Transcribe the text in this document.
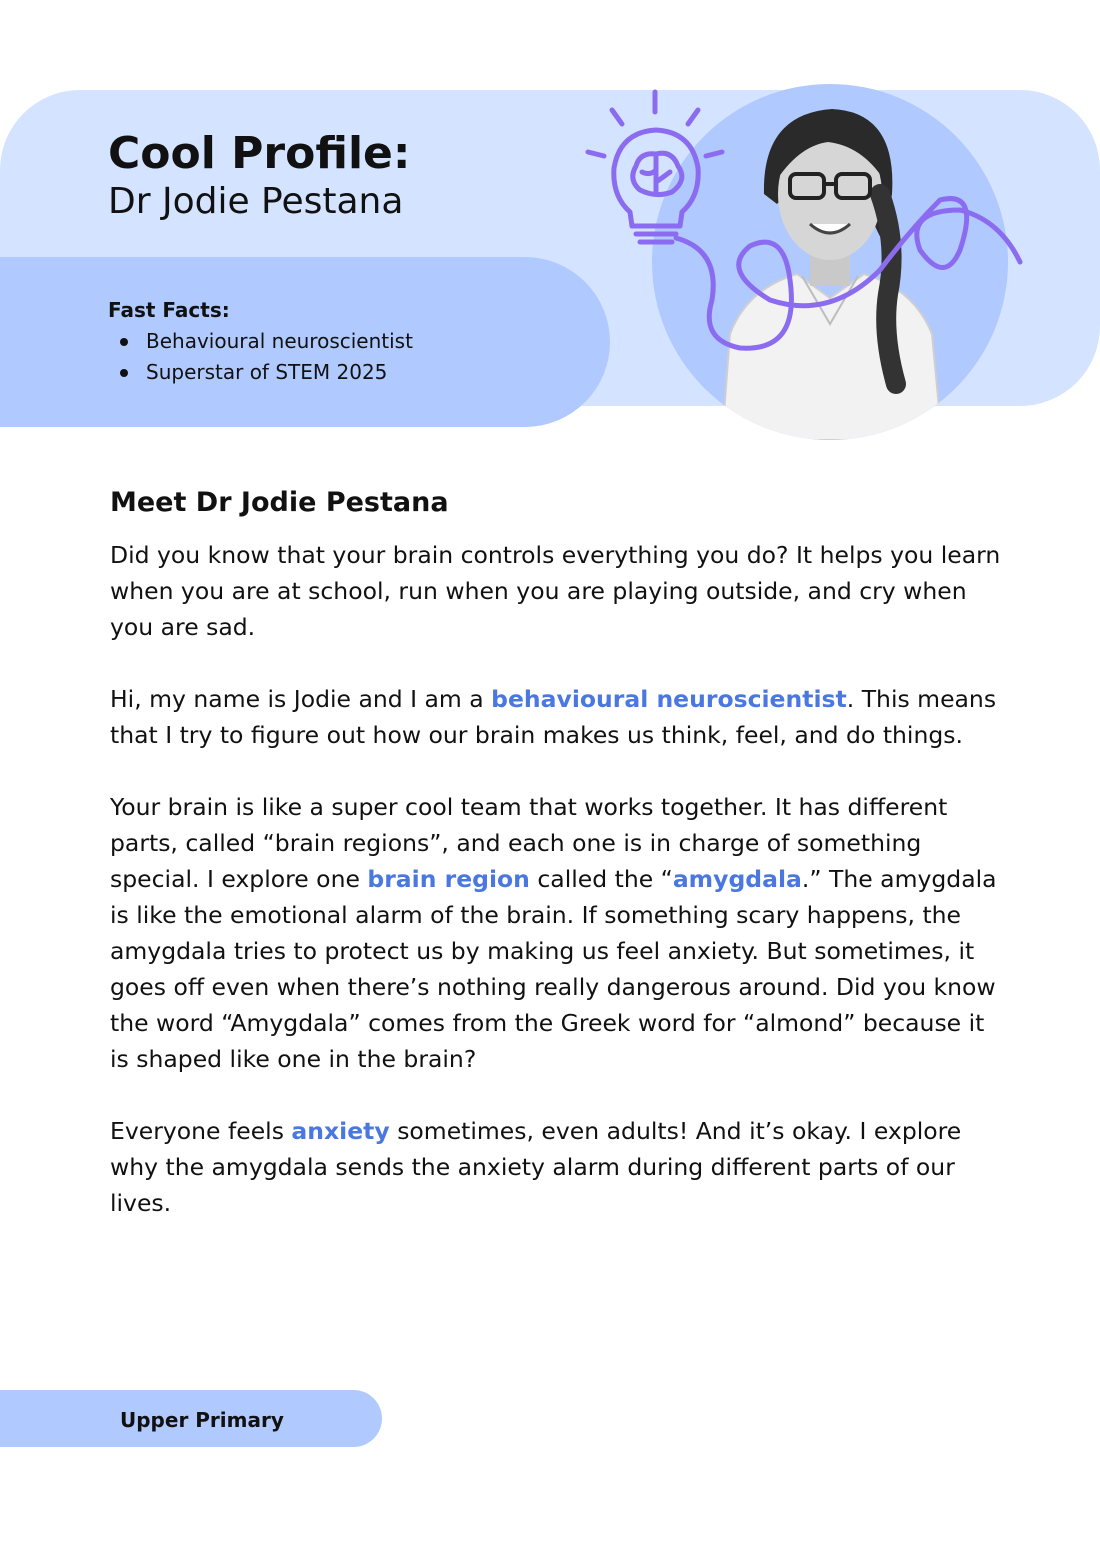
Cool Profile:
Dr Jodie Pestana
Fast Facts:
Behavioural neuroscientist
Superstar of STEM 2025
Meet Dr Jodie Pestana

Did you know that your brain controls everything you do? It helps you learn when you are at school, run when you are playing outside, and cry when you are sad.

Hi, my name is Jodie and I am a behavioural neuroscientist. This means that I try to figure out how our brain makes us think, feel, and do things.

Your brain is like a super cool team that works together. It has different parts, called “brain regions”, and each one is in charge of something special. I explore one brain region called the “amygdala.” The amygdala is like the emotional alarm of the brain. If something scary happens, the amygdala tries to protect us by making us feel anxiety. But sometimes, it goes off even when there’s nothing really dangerous around. Did you know the word “Amygdala” comes from the Greek word for “almond” because it is shaped like one in the brain?

Everyone feels anxiety sometimes, even adults! And it’s okay. I explore why the amygdala sends the anxiety alarm during different parts of our lives.

Upper Primary
